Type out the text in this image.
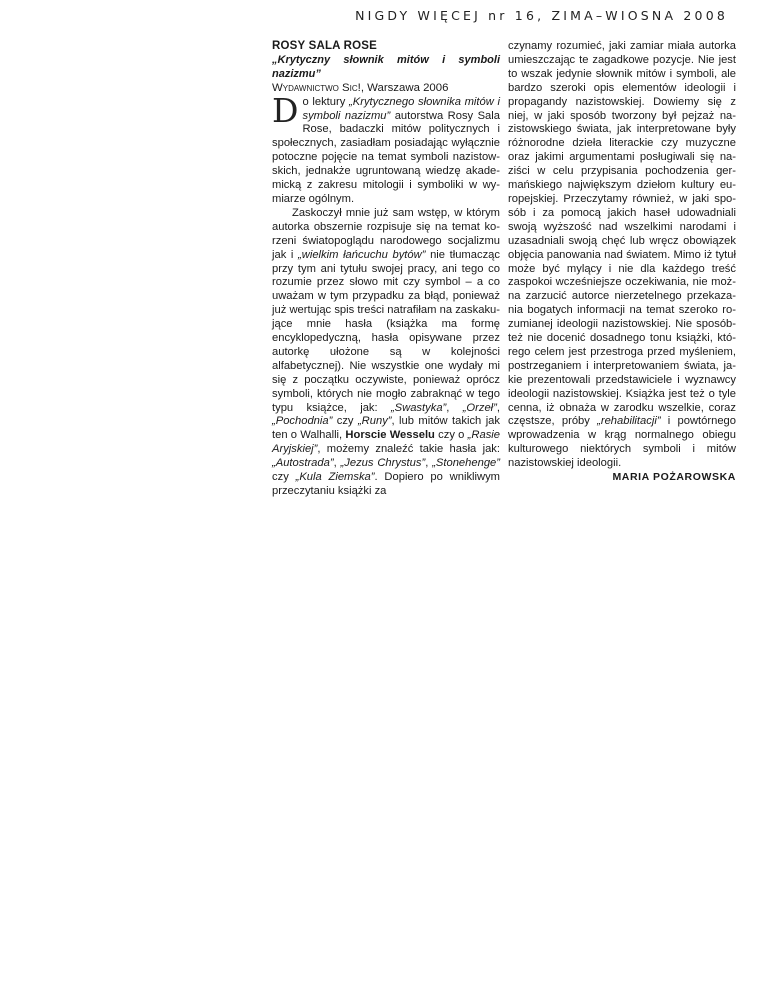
NIGDY WIĘCEJ nr 16, ZIMA–WIOSNA 2008

ROSY SALA ROSE

„Krytyczny słownik mitów i symboli nazizmu”

Wydawnictwo Sic!, Warszawa 2006

Do lektury „Krytycznego słownika mitów i symboli nazizmu” autorstwa Rosy Sala Rose, badaczki mitów politycznych i społecznych, zasiadłam posiadając wyłącznie potoczne pojęcie na temat symboli nazistowskich, jednakże ugruntowaną wiedzę akademicką z zakresu mitologii i symboliki w wymiarze ogólnym.

Zaskoczył mnie już sam wstęp, w którym autorka obszernie rozpisuje się na temat korzeni światopoglądu narodowego socjalizmu jak i „wielkim łańcuchu bytów” nie tłumacząc przy tym ani tytułu swojej pracy, ani tego co rozumie przez słowo mit czy symbol – a co uważam w tym przypadku za błąd, ponieważ już wertując spis treści natrafiłam na zaskakujące mnie hasła (książka ma formę encyklopedyczną, hasła opisywane przez autorkę ułożone są w kolejności alfabetycznej). Nie wszystkie one wydały mi się z początku oczywiste, ponieważ oprócz symboli, których nie mogło zabraknąć w tego typu książce, jak: „Swastyka”, „Orzeł”, „Pochodnia” czy „Runy”, lub mitów takich jak ten o Walhalli, Horscie Wesselu czy o „Rasie Aryjskiej”, możemy znaleźć takie hasła jak: „Autostrada”, „Jezus Chrystus”, „Stonehenge” czy „Kula Ziemska”. Dopiero po wnikliwym przeczytaniu książki za

czynamy rozumieć, jaki zamiar miała autorka umieszczając te zagadkowe pozycje. Nie jest to wszak jedynie słownik mitów i symboli, ale bardzo szeroki opis elementów ideologii i propagandy nazistowskiej. Dowiemy się z niej, w jaki sposób tworzony był pejzaż nazistowskiego świata, jak interpretowane były różnorodne dzieła literackie czy muzyczne oraz jakimi argumentami posługiwali się naziści w celu przypisania pochodzenia germańskiego największym dziełom kultury europejskiej. Przeczytamy również, w jaki sposób i za pomocą jakich haseł udowadniali swoją wyższość nad wszelkimi narodami i uzasadniali swoją chęć lub wręcz obowiązek objęcia panowania nad światem. Mimo iż tytuł może być mylący i nie dla każdego treść zaspokoi wcześniejsze oczekiwania, nie można zarzucić autorce nierzetelnego przekazania bogatych informacji na temat szeroko rozumianej ideologii nazistowskiej. Nie sposóbteż nie docenić dosadnego tonu książki, którego celem jest przestroga przed myśleniem, postrzeganiem i interpretowaniem świata, jakie prezentowali przedstawiciele i wyznawcy ideologii nazistowskiej. Książka jest też o tyle cenna, iż obnaża w zarodku wszelkie, coraz częstsze, próby „rehabilitacji” i powtórnego wprowadzenia w krąg normalnego obiegu kulturowego niektórych symboli i mitów nazistowskiej ideologii.

MARIA POŻAROWSKA
